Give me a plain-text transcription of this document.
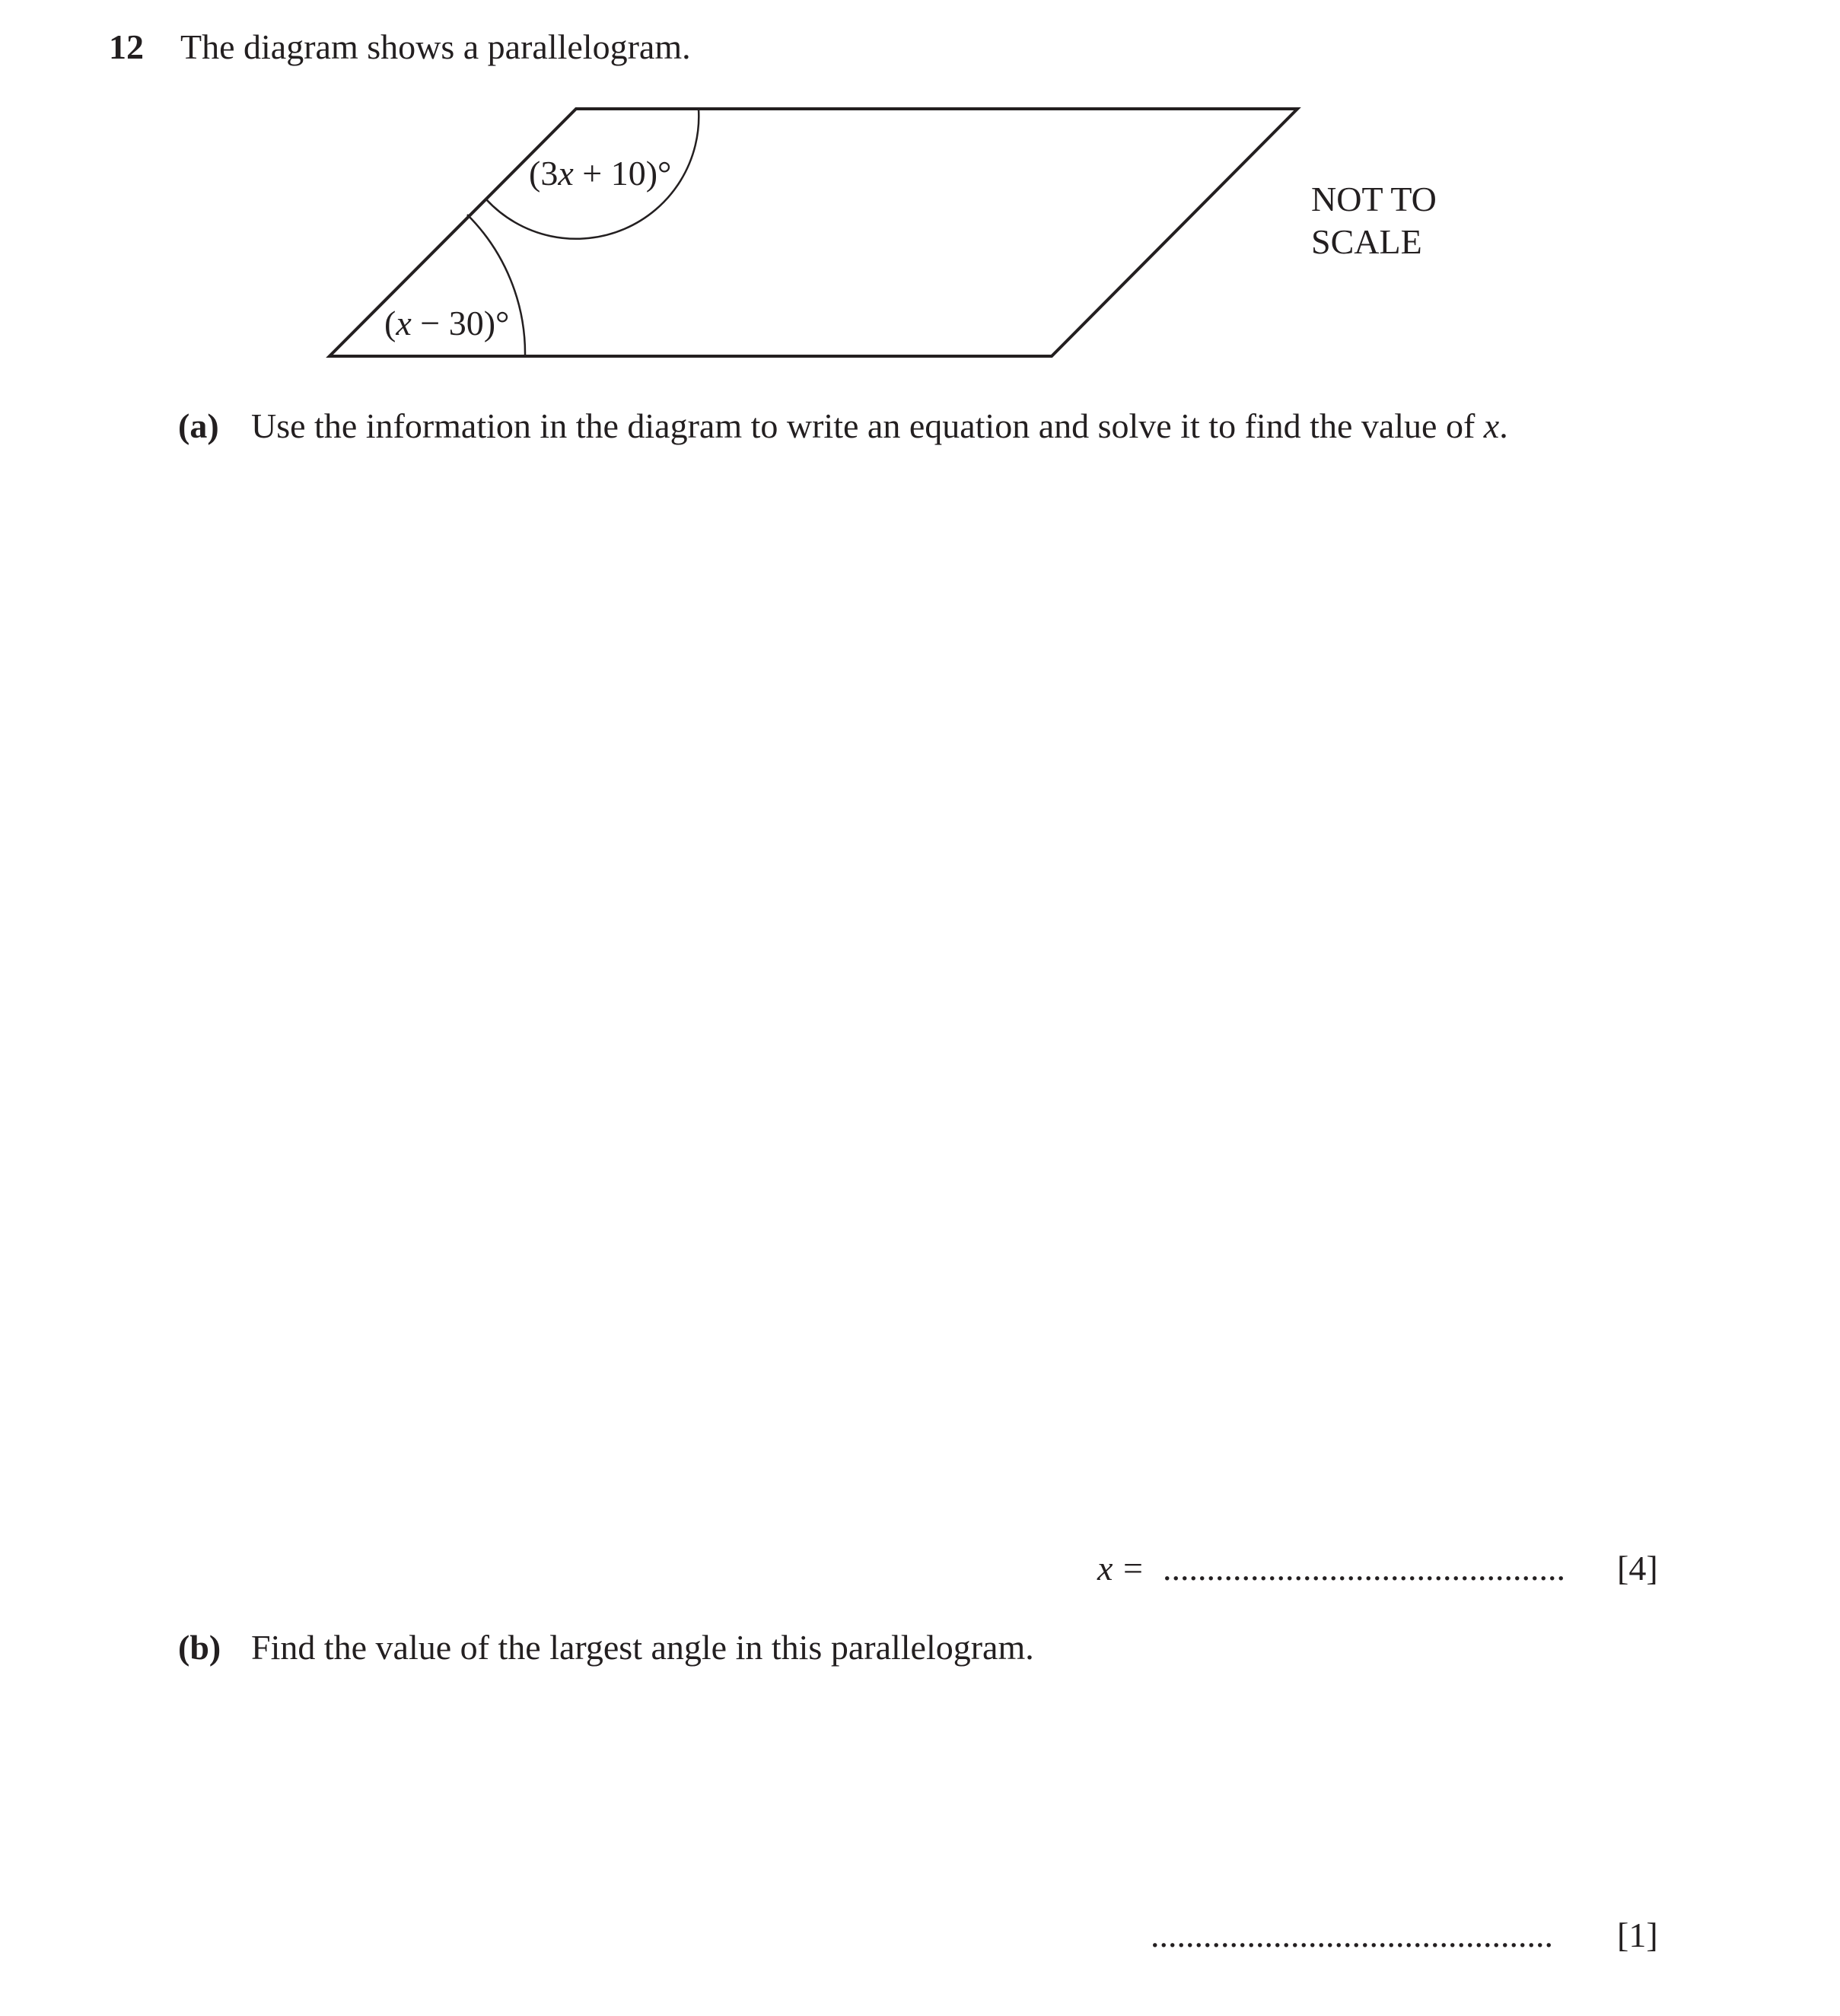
12 The diagram shows a parallelogram.
(3x + 10)°
(x − 30)°
NOT TO
SCALE
(a) Use the information in the diagram to write an equation and solve it to find the value of x.
x = .............................................. [4]
(b) Find the value of the largest angle in this parallelogram.
.............................................. [1]
